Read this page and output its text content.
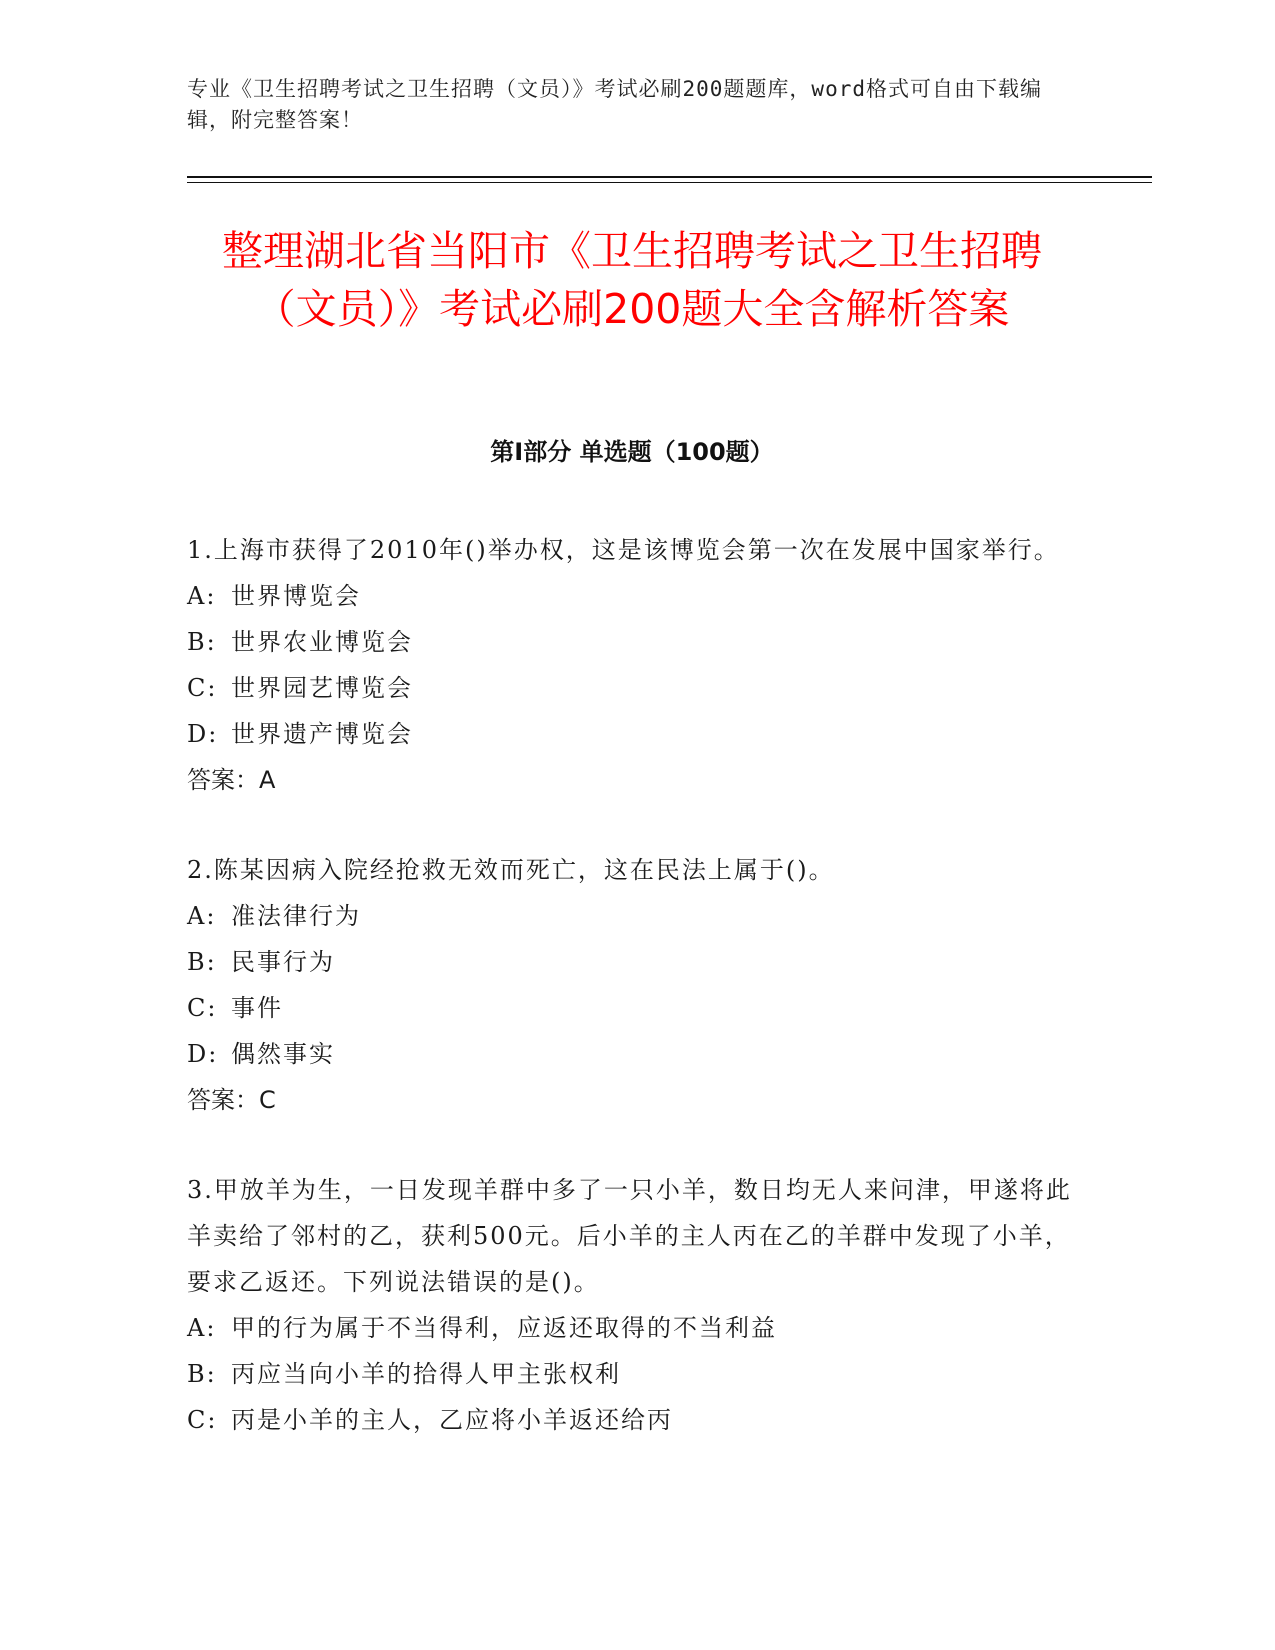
专业《卫生招聘考试之卫生招聘（文员）》考试必刷200题题库，word格式可自由下载编辑，附完整答案！
整理湖北省当阳市《卫生招聘考试之卫生招聘（文员）》考试必刷200题大全含解析答案
第Ⅰ部分 单选题（100题）

1.上海市获得了2010年()举办权，这是该博览会第一次在发展中国家举行。

A: 世界博览会

B: 世界农业博览会

C: 世界园艺博览会

D: 世界遗产博览会

答案：A

2.陈某因病入院经抢救无效而死亡，这在民法上属于()。

A: 准法律行为

B: 民事行为

C: 事件

D: 偶然事实

答案：C

3.甲放羊为生，一日发现羊群中多了一只小羊，数日均无人来问津，甲遂将此羊卖给了邻村的乙，获利500元。后小羊的主人丙在乙的羊群中发现了小羊，要求乙返还。下列说法错误的是()。

A: 甲的行为属于不当得利，应返还取得的不当利益

B: 丙应当向小羊的拾得人甲主张权利

C: 丙是小羊的主人，乙应将小羊返还给丙
